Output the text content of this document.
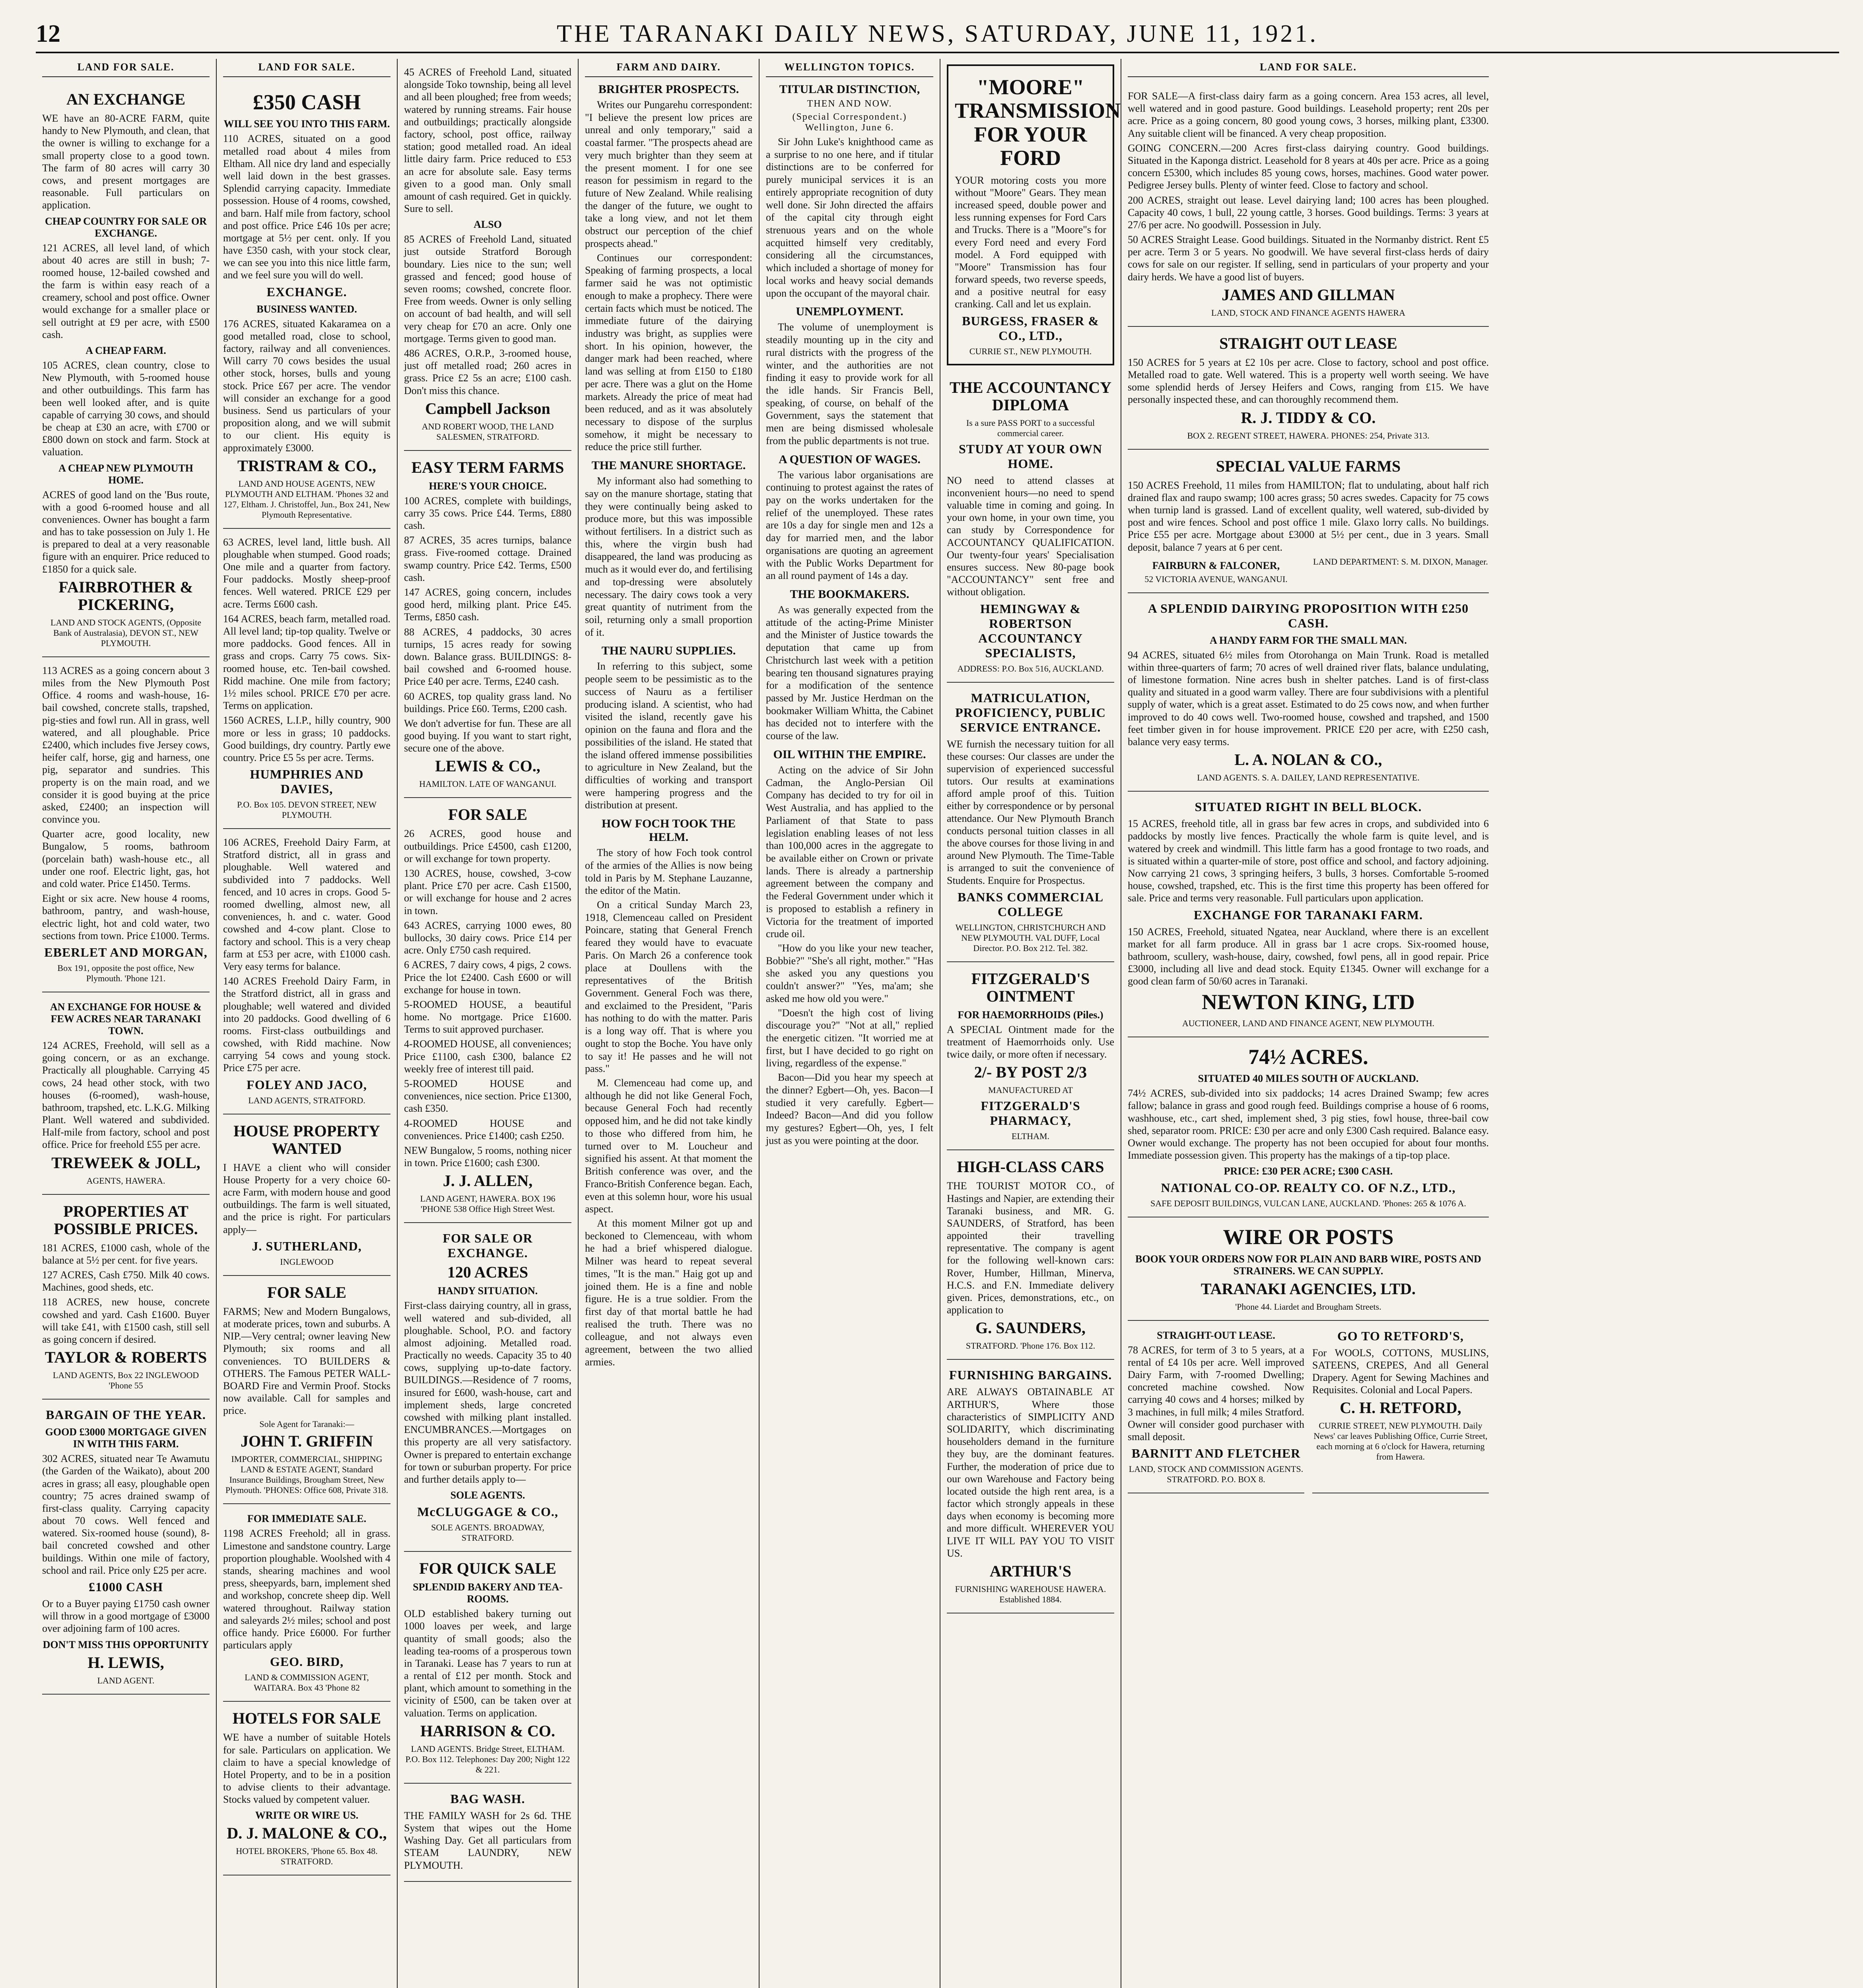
12	THE TARANAKI DAILY NEWS, SATURDAY, JUNE 11, 1921.
LAND FOR SALE.
AN EXCHANGE

WE have an 80-ACRE FARM, quite handy to New Plymouth, and clean, that the owner is willing to exchange for a small property close to a good town. The farm of 80 acres will carry 30 cows, and present mortgages are reasonable. Full particulars on application.

CHEAP COUNTRY FOR SALE OR EXCHANGE.

121 ACRES, all level land, of which about 40 acres are still in bush; 7-roomed house, 12-bailed cowshed and the farm is within easy reach of a creamery, school and post office. Owner would exchange for a smaller place or sell outright at £9 per acre, with £500 cash.

A CHEAP FARM.

105 ACRES, clean country, close to New Plymouth, with 5-roomed house and other outbuildings. This farm has been well looked after, and is quite capable of carrying 30 cows, and should be cheap at £30 an acre, with £700 or £800 down on stock and farm. Stock at valuation.

A CHEAP NEW PLYMOUTH HOME.

ACRES of good land on the 'Bus route, with a good 6-roomed house and all conveniences. Owner has bought a farm and has to take possession on July 1. He is prepared to deal at a very reasonable figure with an enquirer. Price reduced to £1850 for a quick sale.

FAIRBROTHER & PICKERING,
LAND AND STOCK AGENTS, (Opposite Bank of Australasia), DEVON ST., NEW PLYMOUTH.

113 ACRES as a going concern about 3 miles from the New Plymouth Post Office. 4 rooms and wash-house, 16-bail cowshed, concrete stalls, trapshed, pig-sties and fowl run. All in grass, well watered, and all ploughable. Price £2400, which includes five Jersey cows, heifer calf, horse, gig and harness, one pig, separator and sundries. This property is on the main road, and we consider it is good buying at the price asked, £2400; an inspection will convince you.

Quarter acre, good locality, new Bungalow, 5 rooms, bathroom (porcelain bath) wash-house etc., all under one roof. Electric light, gas, hot and cold water. Price £1450. Terms.

Eight or six acre. New house 4 rooms, bathroom, pantry, and wash-house, electric light, hot and cold water, two sections from town. Price £1000. Terms.

EBERLET AND MORGAN,
Box 191, opposite the post office, New Plymouth. 'Phone 121.
AN EXCHANGE FOR HOUSE & FEW ACRES NEAR TARANAKI TOWN.

124 ACRES, Freehold, will sell as a going concern, or as an exchange. Practically all ploughable. Carrying 45 cows, 24 head other stock, with two houses (6-roomed), wash-house, bathroom, trapshed, etc. L.K.G. Milking Plant. Well watered and subdivided. Half-mile from factory, school and post office. Price for freehold £55 per acre.

TREWEEK & JOLL,
AGENTS, HAWERA.
PROPERTIES AT POSSIBLE PRICES.

181 ACRES, £1000 cash, whole of the balance at 5½ per cent. for five years.

127 ACRES, Cash £750. Milk 40 cows. Machines, good sheds, etc.

118 ACRES, new house, concrete cowshed and yard. Cash £1600. Buyer will take £41, with £1500 cash, still sell as going concern if desired.

TAYLOR & ROBERTS
LAND AGENTS, Box 22 INGLEWOOD 'Phone 55
BARGAIN OF THE YEAR.
GOOD £3000 MORTGAGE GIVEN IN WITH THIS FARM.

302 ACRES, situated near Te Awamutu (the Garden of the Waikato), about 200 acres in grass; all easy, ploughable open country; 75 acres drained swamp of first-class quality. Carrying capacity about 70 cows. Well fenced and watered. Six-roomed house (sound), 8-bail concreted cowshed and other buildings. Within one mile of factory, school and rail. Price only £25 per acre.

£1000 CASH

Or to a Buyer paying £1750 cash owner will throw in a good mortgage of £3000 over adjoining farm of 100 acres.

DON'T MISS THIS OPPORTUNITY
H. LEWIS,
LAND AGENT.
LAND FOR SALE.
£350 CASH
WILL SEE YOU INTO THIS FARM.

110 ACRES, situated on a good metalled road about 4 miles from Eltham. All nice dry land and especially well laid down in the best grasses. Splendid carrying capacity. Immediate possession. House of 4 rooms, cowshed, and barn. Half mile from factory, school and post office. Price £46 10s per acre; mortgage at 5½ per cent. only. If you have £350 cash, with your stock clear, we can see you into this nice little farm, and we feel sure you will do well.

EXCHANGE.
BUSINESS WANTED.

176 ACRES, situated Kakaramea on a good metalled road, close to school, factory, railway and all conveniences. Will carry 70 cows besides the usual other stock, horses, bulls and young stock. Price £67 per acre. The vendor will consider an exchange for a good business. Send us particulars of your proposition along, and we will submit to our client. His equity is approximately £3000.

TRISTRAM & CO.,
LAND AND HOUSE AGENTS, NEW PLYMOUTH AND ELTHAM. 'Phones 32 and 127, Eltham. J. Christoffel, Jun., Box 241, New Plymouth Representative.

63 ACRES, level land, little bush. All ploughable when stumped. Good roads; One mile and a quarter from factory. Four paddocks. Mostly sheep-proof fences. Well watered. PRICE £29 per acre. Terms £600 cash.

164 ACRES, beach farm, metalled road. All level land; tip-top quality. Twelve or more paddocks. Good fences. All in grass and crops. Carry 75 cows. Six-roomed house, etc. Ten-bail cowshed. Ridd machine. One mile from factory; 1½ miles school. PRICE £70 per acre. Terms on application.

1560 ACRES, L.I.P., hilly country, 900 more or less in grass; 10 paddocks. Good buildings, dry country. Partly ewe country. Price £5 5s per acre. Terms.

HUMPHRIES AND DAVIES,
P.O. Box 105. DEVON STREET, NEW PLYMOUTH.

106 ACRES, Freehold Dairy Farm, at Stratford district, all in grass and ploughable. Well watered and subdivided into 7 paddocks. Well fenced, and 10 acres in crops. Good 5-roomed dwelling, almost new, all conveniences, h. and c. water. Good cowshed and 4-cow plant. Close to factory and school. This is a very cheap farm at £53 per acre, with £1000 cash. Very easy terms for balance.

140 ACRES Freehold Dairy Farm, in the Stratford district, all in grass and ploughable; well watered and divided into 20 paddocks. Good dwelling of 6 rooms. First-class outbuildings and cowshed, with Ridd machine. Now carrying 54 cows and young stock. Price £75 per acre.

FOLEY AND JACO,
LAND AGENTS, STRATFORD.
HOUSE PROPERTY WANTED

I HAVE a client who will consider House Property for a very choice 60-acre Farm, with modern house and good outbuildings. The farm is well situated, and the price is right. For particulars apply—

J. SUTHERLAND,
INGLEWOOD
FOR SALE

FARMS; New and Modern Bungalows, at moderate prices, town and suburbs. A NIP.—Very central; owner leaving New Plymouth; six rooms and all conveniences. TO BUILDERS & OTHERS. The Famous PETER WALL-BOARD Fire and Vermin Proof. Stocks now available. Call for samples and price.

Sole Agent for Taranaki:—
JOHN T. GRIFFIN
IMPORTER, COMMERCIAL, SHIPPING LAND & ESTATE AGENT, Standard Insurance Buildings, Brougham Street, New Plymouth. 'PHONES: Office 608, Private 318.
FOR IMMEDIATE SALE.

1198 ACRES Freehold; all in grass. Limestone and sandstone country. Large proportion ploughable. Woolshed with 4 stands, shearing machines and wool press, sheepyards, barn, implement shed and workshop, concrete sheep dip. Well watered throughout. Railway station and saleyards 2½ miles; school and post office handy. Price £6000. For further particulars apply

GEO. BIRD,
LAND & COMMISSION AGENT, WAITARA. Box 43 'Phone 82
HOTELS FOR SALE

WE have a number of suitable Hotels for sale. Particulars on application. We claim to have a special knowledge of Hotel Property, and to be in a position to advise clients to their advantage. Stocks valued by competent valuer.

WRITE OR WIRE US.
D. J. MALONE & CO.,
HOTEL BROKERS, 'Phone 65. Box 48. STRATFORD.

45 ACRES of Freehold Land, situated alongside Toko township, being all level and all been ploughed; free from weeds; watered by running streams. Fair house and outbuildings; practically alongside factory, school, post office, railway station; good metalled road. An ideal little dairy farm. Price reduced to £53 an acre for absolute sale. Easy terms given to a good man. Only small amount of cash required. Get in quickly. Sure to sell.

ALSO

85 ACRES of Freehold Land, situated just outside Stratford Borough boundary. Lies nice to the sun; well grassed and fenced; good house of seven rooms; cowshed, concrete floor. Free from weeds. Owner is only selling on account of bad health, and will sell very cheap for £70 an acre. Only one mortgage. Terms given to good man.

486 ACRES, O.R.P., 3-roomed house, just off metalled road; 260 acres in grass. Price £2 5s an acre; £100 cash. Don't miss this chance.

Campbell Jackson
AND ROBERT WOOD, THE LAND SALESMEN, STRATFORD.
EASY TERM FARMS
HERE'S YOUR CHOICE.

100 ACRES, complete with buildings, carry 35 cows. Price £44. Terms, £880 cash.

87 ACRES, 35 acres turnips, balance grass. Five-roomed cottage. Drained swamp country. Price £42. Terms, £500 cash.

147 ACRES, going concern, includes good herd, milking plant. Price £45. Terms, £850 cash.

88 ACRES, 4 paddocks, 30 acres turnips, 15 acres ready for sowing down. Balance grass. BUILDINGS: 8-bail cowshed and 6-roomed house. Price £40 per acre. Terms, £240 cash.

60 ACRES, top quality grass land. No buildings. Price £60. Terms, £200 cash.

We don't advertise for fun. These are all good buying. If you want to start right, secure one of the above.

LEWIS & CO.,
HAMILTON. LATE OF WANGANUI.
FOR SALE

26 ACRES, good house and outbuildings. Price £4500, cash £1200, or will exchange for town property.

130 ACRES, house, cowshed, 3-cow plant. Price £70 per acre. Cash £1500, or will exchange for house and 2 acres in town.

643 ACRES, carrying 1000 ewes, 80 bullocks, 30 dairy cows. Price £14 per acre. Only £750 cash required.

6 ACRES, 7 dairy cows, 4 pigs, 2 cows. Price the lot £2400. Cash £600 or will exchange for house in town.

5-ROOMED HOUSE, a beautiful home. No mortgage. Price £1600. Terms to suit approved purchaser.

4-ROOMED HOUSE, all conveniences; Price £1100, cash £300, balance £2 weekly free of interest till paid.

5-ROOMED HOUSE and conveniences, nice section. Price £1300, cash £350.

4-ROOMED HOUSE and conveniences. Price £1400; cash £250.

NEW Bungalow, 5 rooms, nothing nicer in town. Price £1600; cash £300.

J. J. ALLEN,
LAND AGENT, HAWERA. BOX 196 'PHONE 538 Office High Street West.
FOR SALE OR EXCHANGE.
120 ACRES
HANDY SITUATION.

First-class dairying country, all in grass, well watered and sub-divided, all ploughable. School, P.O. and factory almost adjoining. Metalled road. Practically no weeds. Capacity 35 to 40 cows, supplying up-to-date factory. BUILDINGS.—Residence of 7 rooms, insured for £600, wash-house, cart and implement sheds, large concreted cowshed with milking plant installed. ENCUMBRANCES.—Mortgages on this property are all very satisfactory. Owner is prepared to entertain exchange for town or suburban property. For price and further details apply to—

SOLE AGENTS.
McCLUGGAGE & CO.,
SOLE AGENTS. BROADWAY, STRATFORD.
FOR QUICK SALE
SPLENDID BAKERY AND TEA-ROOMS.

OLD established bakery turning out 1000 loaves per week, and large quantity of small goods; also the leading tea-rooms of a prosperous town in Taranaki. Lease has 7 years to run at a rental of £12 per month. Stock and plant, which amount to something in the vicinity of £500, can be taken over at valuation. Terms on application.

HARRISON & CO.
LAND AGENTS. Bridge Street, ELTHAM. P.O. Box 112. Telephones: Day 200; Night 122 & 221.
BAG WASH.

THE FAMILY WASH for 2s 6d. THE System that wipes out the Home Washing Day. Get all particulars from STEAM LAUNDRY, NEW PLYMOUTH.

FARM AND DAIRY.
BRIGHTER PROSPECTS.

Writes our Pungarehu correspondent: "I believe the present low prices are unreal and only temporary," said a coastal farmer. "The prospects ahead are very much brighter than they seem at the present moment. I for one see reason for pessimism in regard to the future of New Zealand. While realising the danger of the future, we ought to take a long view, and not let them obstruct our perception of the chief prospects ahead."

Continues our correspondent: Speaking of farming prospects, a local farmer said he was not optimistic enough to make a prophecy. There were certain facts which must be noticed. The immediate future of the dairying industry was bright, as supplies were short. In his opinion, however, the danger mark had been reached, where land was selling at from £150 to £180 per acre. There was a glut on the Home markets. Already the price of meat had been reduced, and as it was absolutely necessary to dispose of the surplus somehow, it might be necessary to reduce the price still further.

THE MANURE SHORTAGE.

My informant also had something to say on the manure shortage, stating that they were continually being asked to produce more, but this was impossible without fertilisers. In a district such as this, where the virgin bush had disappeared, the land was producing as much as it would ever do, and fertilising and top-dressing were absolutely necessary. The dairy cows took a very great quantity of nutriment from the soil, returning only a small proportion of it.

THE NAURU SUPPLIES.

In referring to this subject, some people seem to be pessimistic as to the success of Nauru as a fertiliser producing island. A scientist, who had visited the island, recently gave his opinion on the fauna and flora and the possibilities of the island. He stated that the island offered immense possibilities to agriculture in New Zealand, but the difficulties of working and transport were hampering progress and the distribution at present.

HOW FOCH TOOK THE HELM.

The story of how Foch took control of the armies of the Allies is now being told in Paris by M. Stephane Lauzanne, the editor of the Matin.

On a critical Sunday March 23, 1918, Clemenceau called on President Poincare, stating that General French feared they would have to evacuate Paris. On March 26 a conference took place at Doullens with the representatives of the British Government. General Foch was there, and exclaimed to the President, "Paris has nothing to do with the matter. Paris is a long way off. That is where you ought to stop the Boche. You have only to say it! He passes and he will not pass."

M. Clemenceau had come up, and although he did not like General Foch, because General Foch had recently opposed him, and he did not take kindly to those who differed from him, he turned over to M. Loucheur and signified his assent. At that moment the British conference was over, and the Franco-British Conference began. Each, even at this solemn hour, wore his usual aspect.

At this moment Milner got up and beckoned to Clemenceau, with whom he had a brief whispered dialogue. Milner was heard to repeat several times, "It is the man." Haig got up and joined them. He is a fine and noble figure. He is a true soldier. From the first day of that mortal battle he had realised the truth. There was no colleague, and not always even agreement, between the two allied armies.

WELLINGTON TOPICS.
TITULAR DISTINCTION,
THEN AND NOW.
(Special Correspondent.) Wellington, June 6.

Sir John Luke's knighthood came as a surprise to no one here, and if titular distinctions are to be conferred for purely municipal services it is an entirely appropriate recognition of duty well done. Sir John directed the affairs of the capital city through eight strenuous years and on the whole acquitted himself very creditably, considering all the circumstances, which included a shortage of money for local works and heavy social demands upon the occupant of the mayoral chair.

UNEMPLOYMENT.

The volume of unemployment is steadily mounting up in the city and rural districts with the progress of the winter, and the authorities are not finding it easy to provide work for all the idle hands. Sir Francis Bell, speaking, of course, on behalf of the Government, says the statement that men are being dismissed wholesale from the public departments is not true.

A QUESTION OF WAGES.

The various labor organisations are continuing to protest against the rates of pay on the works undertaken for the relief of the unemployed. These rates are 10s a day for single men and 12s a day for married men, and the labor organisations are quoting an agreement with the Public Works Department for an all round payment of 14s a day.

THE BOOKMAKERS.

As was generally expected from the attitude of the acting-Prime Minister and the Minister of Justice towards the deputation that came up from Christchurch last week with a petition bearing ten thousand signatures praying for a modification of the sentence passed by Mr. Justice Herdman on the bookmaker William Whitta, the Cabinet has decided not to interfere with the course of the law.

OIL WITHIN THE EMPIRE.

Acting on the advice of Sir John Cadman, the Anglo-Persian Oil Company has decided to try for oil in West Australia, and has applied to the Parliament of that State to pass legislation enabling leases of not less than 100,000 acres in the aggregate to be available either on Crown or private lands. There is already a partnership agreement between the company and the Federal Government under which it is proposed to establish a refinery in Victoria for the treatment of imported crude oil.

"How do you like your new teacher, Bobbie?" "She's all right, mother." "Has she asked you any questions you couldn't answer?" "Yes, ma'am; she asked me how old you were."

"Doesn't the high cost of living discourage you?" "Not at all," replied the energetic citizen. "It worried me at first, but I have decided to go right on living, regardless of the expense."

Bacon—Did you hear my speech at the dinner? Egbert—Oh, yes. Bacon—I studied it very carefully. Egbert—Indeed? Bacon—And did you follow my gestures? Egbert—Oh, yes, I felt just as you were pointing at the door.

"MOORE" TRANSMISSION FOR YOUR FORD

YOUR motoring costs you more without "Moore" Gears. They mean increased speed, double power and less running expenses for Ford Cars and Trucks. There is a "Moore"s for every Ford need and every Ford model. A Ford equipped with "Moore" Transmission has four forward speeds, two reverse speeds, and a positive neutral for easy cranking. Call and let us explain.

BURGESS, FRASER & CO., LTD.,
CURRIE ST., NEW PLYMOUTH.
THE ACCOUNTANCY DIPLOMA
Is a sure PASS PORT to a successful commercial career.
STUDY AT YOUR OWN HOME.

NO need to attend classes at inconvenient hours—no need to spend valuable time in coming and going. In your own home, in your own time, you can study by Correspondence for ACCOUNTANCY QUALIFICATION. Our twenty-four years' Specialisation ensures success. New 80-page book "ACCOUNTANCY" sent free and without obligation.

HEMINGWAY & ROBERTSON ACCOUNTANCY SPECIALISTS,
ADDRESS: P.O. Box 516, AUCKLAND.
MATRICULATION, PROFICIENCY, PUBLIC SERVICE ENTRANCE.

WE furnish the necessary tuition for all these courses: Our classes are under the supervision of experienced successful tutors. Our results at examinations afford ample proof of this. Tuition either by correspondence or by personal attendance. Our New Plymouth Branch conducts personal tuition classes in all the above courses for those living in and around New Plymouth. The Time-Table is arranged to suit the convenience of Students. Enquire for Prospectus.

BANKS COMMERCIAL COLLEGE
WELLINGTON, CHRISTCHURCH AND NEW PLYMOUTH. VAL DUFF, Local Director. P.O. Box 212. Tel. 382.
FITZGERALD'S OINTMENT
FOR HAEMORRHOIDS (Piles.)

A SPECIAL Ointment made for the treatment of Haemorrhoids only. Use twice daily, or more often if necessary.

2/- BY POST 2/3
MANUFACTURED AT
FITZGERALD'S PHARMACY,
ELTHAM.
HIGH-CLASS CARS

THE TOURIST MOTOR CO., of Hastings and Napier, are extending their Taranaki business, and MR. G. SAUNDERS, of Stratford, has been appointed their travelling representative. The company is agent for the following well-known cars: Rover, Humber, Hillman, Minerva, H.C.S. and F.N. Immediate delivery given. Prices, demonstrations, etc., on application to

G. SAUNDERS,
STRATFORD. 'Phone 176. Box 112.
FURNISHING BARGAINS.

ARE ALWAYS OBTAINABLE AT ARTHUR'S, Where those characteristics of SIMPLICITY AND SOLIDARITY, which discriminating householders demand in the furniture they buy, are the dominant features. Further, the moderation of price due to our own Warehouse and Factory being located outside the high rent area, is a factor which strongly appeals in these days when economy is becoming more and more difficult. WHEREVER YOU LIVE IT WILL PAY YOU TO VISIT US.

ARTHUR'S
FURNISHING WAREHOUSE HAWERA. Established 1884.
LAND FOR SALE.

FOR SALE—A first-class dairy farm as a going concern. Area 153 acres, all level, well watered and in good pasture. Good buildings. Leasehold property; rent 20s per acre. Price as a going concern, 80 good young cows, 3 horses, milking plant, £3300. Any suitable client will be financed. A very cheap proposition.

GOING CONCERN.—200 Acres first-class dairying country. Good buildings. Situated in the Kaponga district. Leasehold for 8 years at 40s per acre. Price as a going concern £5300, which includes 85 young cows, horses, machines. Good water power. Pedigree Jersey bulls. Plenty of winter feed. Close to factory and school.

200 ACRES, straight out lease. Level dairying land; 100 acres has been ploughed. Capacity 40 cows, 1 bull, 22 young cattle, 3 horses. Good buildings. Terms: 3 years at 27/6 per acre. No goodwill. Possession in July.

50 ACRES Straight Lease. Good buildings. Situated in the Normanby district. Rent £5 per acre. Term 3 or 5 years. No goodwill. We have several first-class herds of dairy cows for sale on our register. If selling, send in particulars of your property and your dairy herds. We have a good list of buyers.

JAMES AND GILLMAN
LAND, STOCK AND FINANCE AGENTS HAWERA
STRAIGHT OUT LEASE

150 ACRES for 5 years at £2 10s per acre. Close to factory, school and post office. Metalled road to gate. Well watered. This is a property well worth seeing. We have some splendid herds of Jersey Heifers and Cows, ranging from £15. We have personally inspected these, and can thoroughly recommend them.

R. J. TIDDY & CO.
BOX 2. REGENT STREET, HAWERA. PHONES: 254, Private 313.
SPECIAL VALUE FARMS

150 ACRES Freehold, 11 miles from HAMILTON; flat to undulating, about half rich drained flax and raupo swamp; 100 acres grass; 50 acres swedes. Capacity for 75 cows when turnip land is grassed. Land of excellent quality, well watered, sub-divided by post and wire fences. School and post office 1 mile. Glaxo lorry calls. No buildings. Price £55 per acre. Mortgage about £3000 at 5½ per cent., due in 3 years. Small deposit, balance 7 years at 6 per cent.

FAIRBURN & FALCONER,
52 VICTORIA AVENUE, WANGANUI.
LAND DEPARTMENT: S. M. DIXON, Manager.
A SPLENDID DAIRYING PROPOSITION WITH £250 CASH.
A HANDY FARM FOR THE SMALL MAN.

94 ACRES, situated 6½ miles from Otorohanga on Main Trunk. Road is metalled within three-quarters of farm; 70 acres of well drained river flats, balance undulating, of limestone formation. Nine acres bush in shelter patches. Land is of first-class quality and situated in a good warm valley. There are four subdivisions with a plentiful supply of water, which is a great asset. Estimated to do 25 cows now, and when further improved to do 40 cows well. Two-roomed house, cowshed and trapshed, and 1500 feet timber given in for house improvement. PRICE £20 per acre, with £250 cash, balance very easy terms.

L. A. NOLAN & CO.,
LAND AGENTS. S. A. DAILEY, LAND REPRESENTATIVE.
SITUATED RIGHT IN BELL BLOCK.

15 ACRES, freehold title, all in grass bar few acres in crops, and subdivided into 6 paddocks by mostly live fences. Practically the whole farm is quite level, and is watered by creek and windmill. This little farm has a good frontage to two roads, and is situated within a quarter-mile of store, post office and school, and factory adjoining. Now carrying 21 cows, 3 springing heifers, 3 bulls, 3 horses. Comfortable 5-roomed house, cowshed, trapshed, etc. This is the first time this property has been offered for sale. Price and terms very reasonable. Full particulars upon application.

EXCHANGE FOR TARANAKI FARM.

150 ACRES, Freehold, situated Ngatea, near Auckland, where there is an excellent market for all farm produce. All in grass bar 1 acre crops. Six-roomed house, bathroom, scullery, wash-house, dairy, cowshed, fowl pens, all in good repair. Price £3000, including all live and dead stock. Equity £1345. Owner will exchange for a good clean farm of 50/60 acres in Taranaki.

NEWTON KING, LTD
AUCTIONEER, LAND AND FINANCE AGENT, NEW PLYMOUTH.
74½ ACRES.
SITUATED 40 MILES SOUTH OF AUCKLAND.

74½ ACRES, sub-divided into six paddocks; 14 acres Drained Swamp; few acres fallow; balance in grass and good rough feed. Buildings comprise a house of 6 rooms, washhouse, etc., cart shed, implement shed, 3 pig sties, fowl house, three-bail cow shed, separator room. PRICE: £30 per acre and only £300 Cash required. Balance easy. Owner would exchange. The property has not been occupied for about four months. Immediate possession given. This property has the makings of a tip-top place.

PRICE: £30 PER ACRE; £300 CASH.
NATIONAL CO-OP. REALTY CO. OF N.Z., LTD.,
SAFE DEPOSIT BUILDINGS, VULCAN LANE, AUCKLAND. 'Phones: 265 & 1076 A.
WIRE OR POSTS
BOOK YOUR ORDERS NOW FOR PLAIN AND BARB WIRE, POSTS AND STRAINERS. WE CAN SUPPLY.
TARANAKI AGENCIES, LTD.
'Phone 44. Liardet and Brougham Streets.
STRAIGHT-OUT LEASE.

78 ACRES, for term of 3 to 5 years, at a rental of £4 10s per acre. Well improved Dairy Farm, with 7-roomed Dwelling; concreted machine cowshed. Now carrying 40 cows and 4 horses; milked by 3 machines, in full milk; 4 miles Stratford. Owner will consider good purchaser with small deposit.

BARNITT AND FLETCHER
LAND, STOCK AND COMMISSION AGENTS. STRATFORD. P.O. BOX 8.
GO TO RETFORD'S,

For WOOLS, COTTONS, MUSLINS, SATEENS, CREPES, And all General Drapery. Agent for Sewing Machines and Requisites. Colonial and Local Papers.

C. H. RETFORD,
CURRIE STREET, NEW PLYMOUTH. Daily News' car leaves Publishing Office, Currie Street, each morning at 6 o'clock for Hawera, returning from Hawera.
